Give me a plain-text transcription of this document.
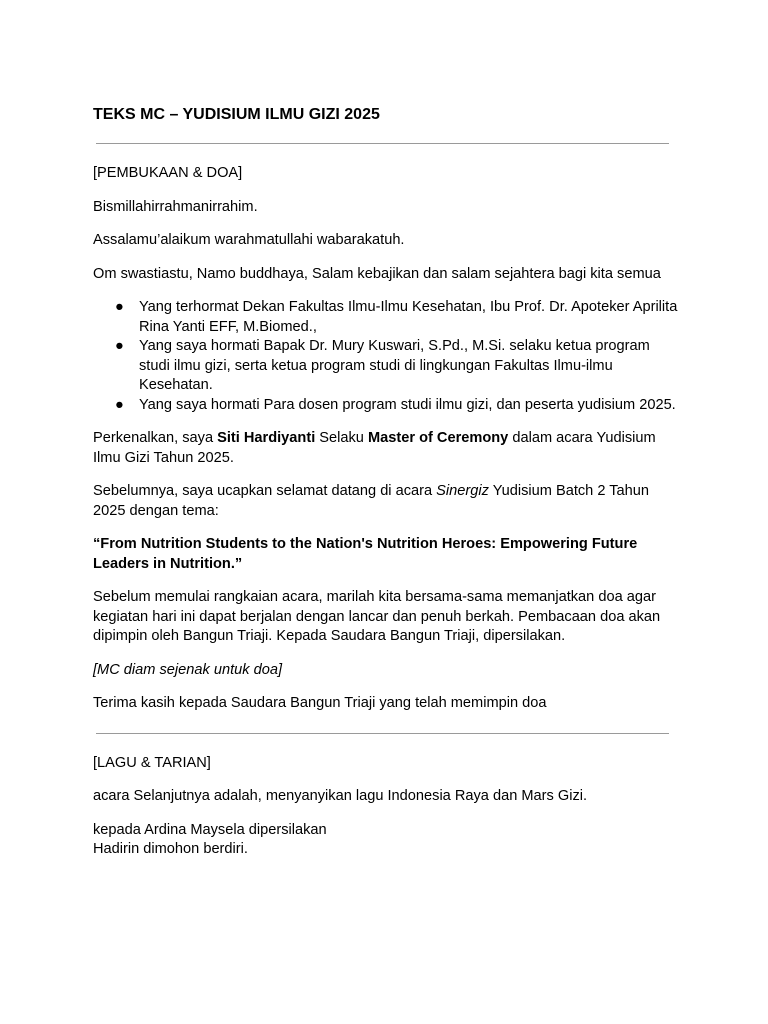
TEKS MC – YUDISIUM ILMU GIZI 2025

[PEMBUKAAN & DOA]

Bismillahirrahmanirrahim.

Assalamu’alaikum warahmatullahi wabarakatuh.

Om swastiastu, Namo buddhaya, Salam kebajikan dan salam sejahtera bagi kita semua

● Yang terhormat Dekan Fakultas Ilmu-Ilmu Kesehatan, Ibu Prof. Dr. Apoteker Aprilita Rina Yanti EFF, M.Biomed.,
● Yang saya hormati Bapak Dr. Mury Kuswari, S.Pd., M.Si. selaku ketua program studi ilmu gizi, serta ketua program studi di lingkungan Fakultas Ilmu-ilmu Kesehatan.
● Yang saya hormati Para dosen program studi ilmu gizi, dan peserta yudisium 2025.

Perkenalkan, saya Siti Hardiyanti Selaku Master of Ceremony dalam acara Yudisium Ilmu Gizi Tahun 2025.

Sebelumnya, saya ucapkan selamat datang di acara Sinergiz Yudisium Batch 2 Tahun 2025 dengan tema:

“From Nutrition Students to the Nation's Nutrition Heroes: Empowering Future Leaders in Nutrition.”

Sebelum memulai rangkaian acara, marilah kita bersama-sama memanjatkan doa agar kegiatan hari ini dapat berjalan dengan lancar dan penuh berkah. Pembacaan doa akan dipimpin oleh Bangun Triaji. Kepada Saudara Bangun Triaji, dipersilakan.

[MC diam sejenak untuk doa]

Terima kasih kepada Saudara Bangun Triaji yang telah memimpin doa

[LAGU & TARIAN]

acara Selanjutnya adalah, menyanyikan lagu Indonesia Raya dan Mars Gizi.

kepada Ardina Maysela dipersilakan
Hadirin dimohon berdiri.
